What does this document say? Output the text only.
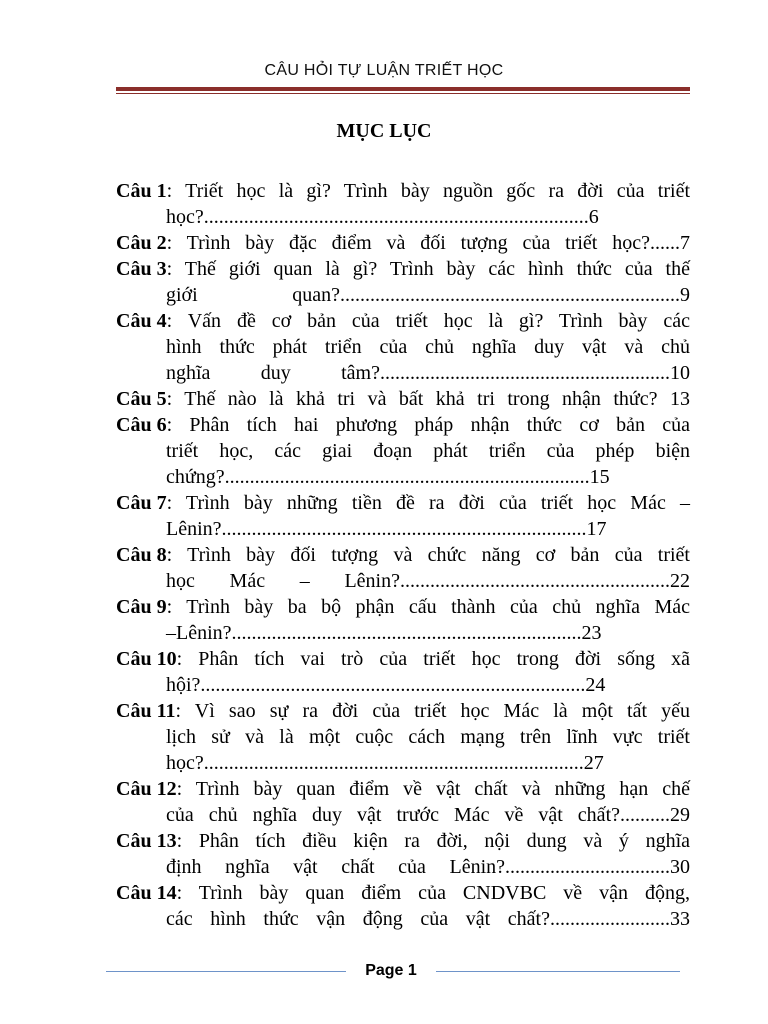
CÂU HỎI TỰ LUẬN TRIẾT HỌC
MỤC LỤC
Câu 1 : Triết học là gì? Trình bày nguồn gốc ra đời của triết
học?.............................................................................6
Câu 2 : Trình bày đặc điểm và đối tượng của triết học?......7
Câu 3 : Thế giới quan là gì? Trình bày các hình thức của thế
giới quan?....................................................................9
Câu 4 : Vấn đề cơ bản của triết học là gì? Trình bày các
hình thức phát triển của chủ nghĩa duy vật và chủ
nghĩa duy tâm?..........................................................10
Câu 5 : Thế nào là khả tri và bất khả tri trong nhận thức? 13
Câu 6 : Phân tích hai phương pháp nhận thức cơ bản của
triết học, các giai đoạn phát triển của phép biện
chứng?.........................................................................15
Câu 7 : Trình bày những tiền đề ra đời của triết học Mác –
Lênin?.........................................................................17
Câu 8 : Trình bày đối tượng và chức năng cơ bản của triết
học Mác – Lênin?......................................................22
Câu 9 : Trình bày ba bộ phận cấu thành của chủ nghĩa Mác
–Lênin?......................................................................23
Câu 10 : Phân tích vai trò của triết học trong đời sống xã
hội?.............................................................................24
Câu 11 : Vì sao sự ra đời của triết học Mác là một tất yếu
lịch sử và là một cuộc cách mạng trên lĩnh vực triết
học?............................................................................27
Câu 12 : Trình bày quan điểm về vật chất và những hạn chế
của chủ nghĩa duy vật trước Mác về vật chất?..........29
Câu 13 : Phân tích điều kiện ra đời, nội dung và ý nghĩa
định nghĩa vật chất của Lênin?.................................30
Câu 14 : Trình bày quan điểm của CNDVBC về vận động,
các hình thức vận động của vật chất?........................33
Page 1
